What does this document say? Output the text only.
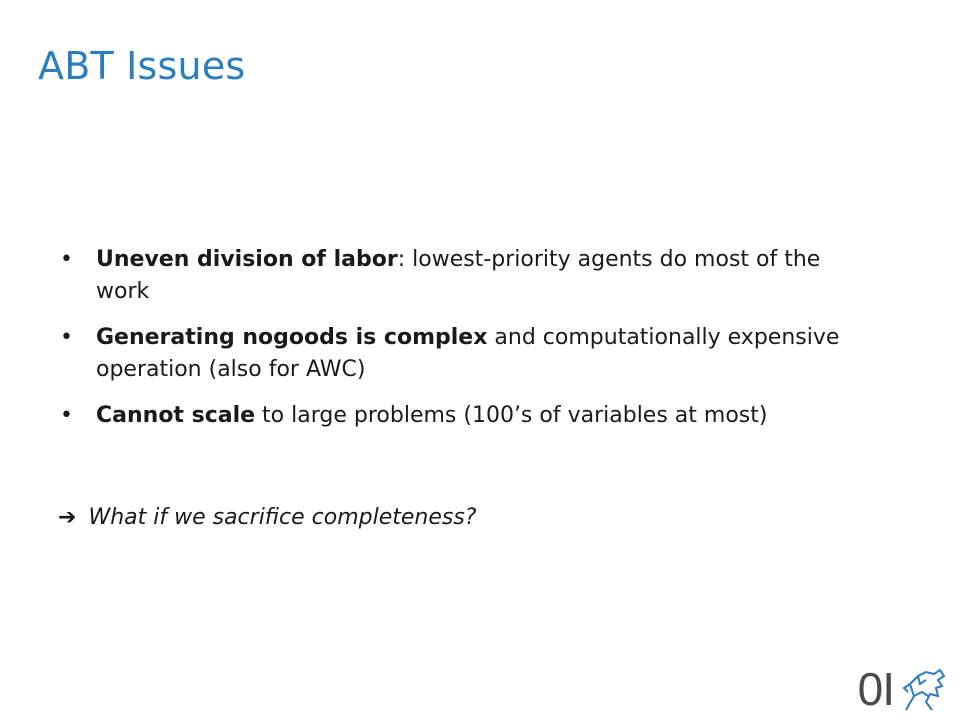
ABT Issues
• Uneven division of labor: lowest-priority agents do most of the work
• Generating nogoods is complex and computationally expensive operation (also for AWC)
• Cannot scale to large problems (100’s of variables at most)
➔ What if we sacrifice completeness?
0I
